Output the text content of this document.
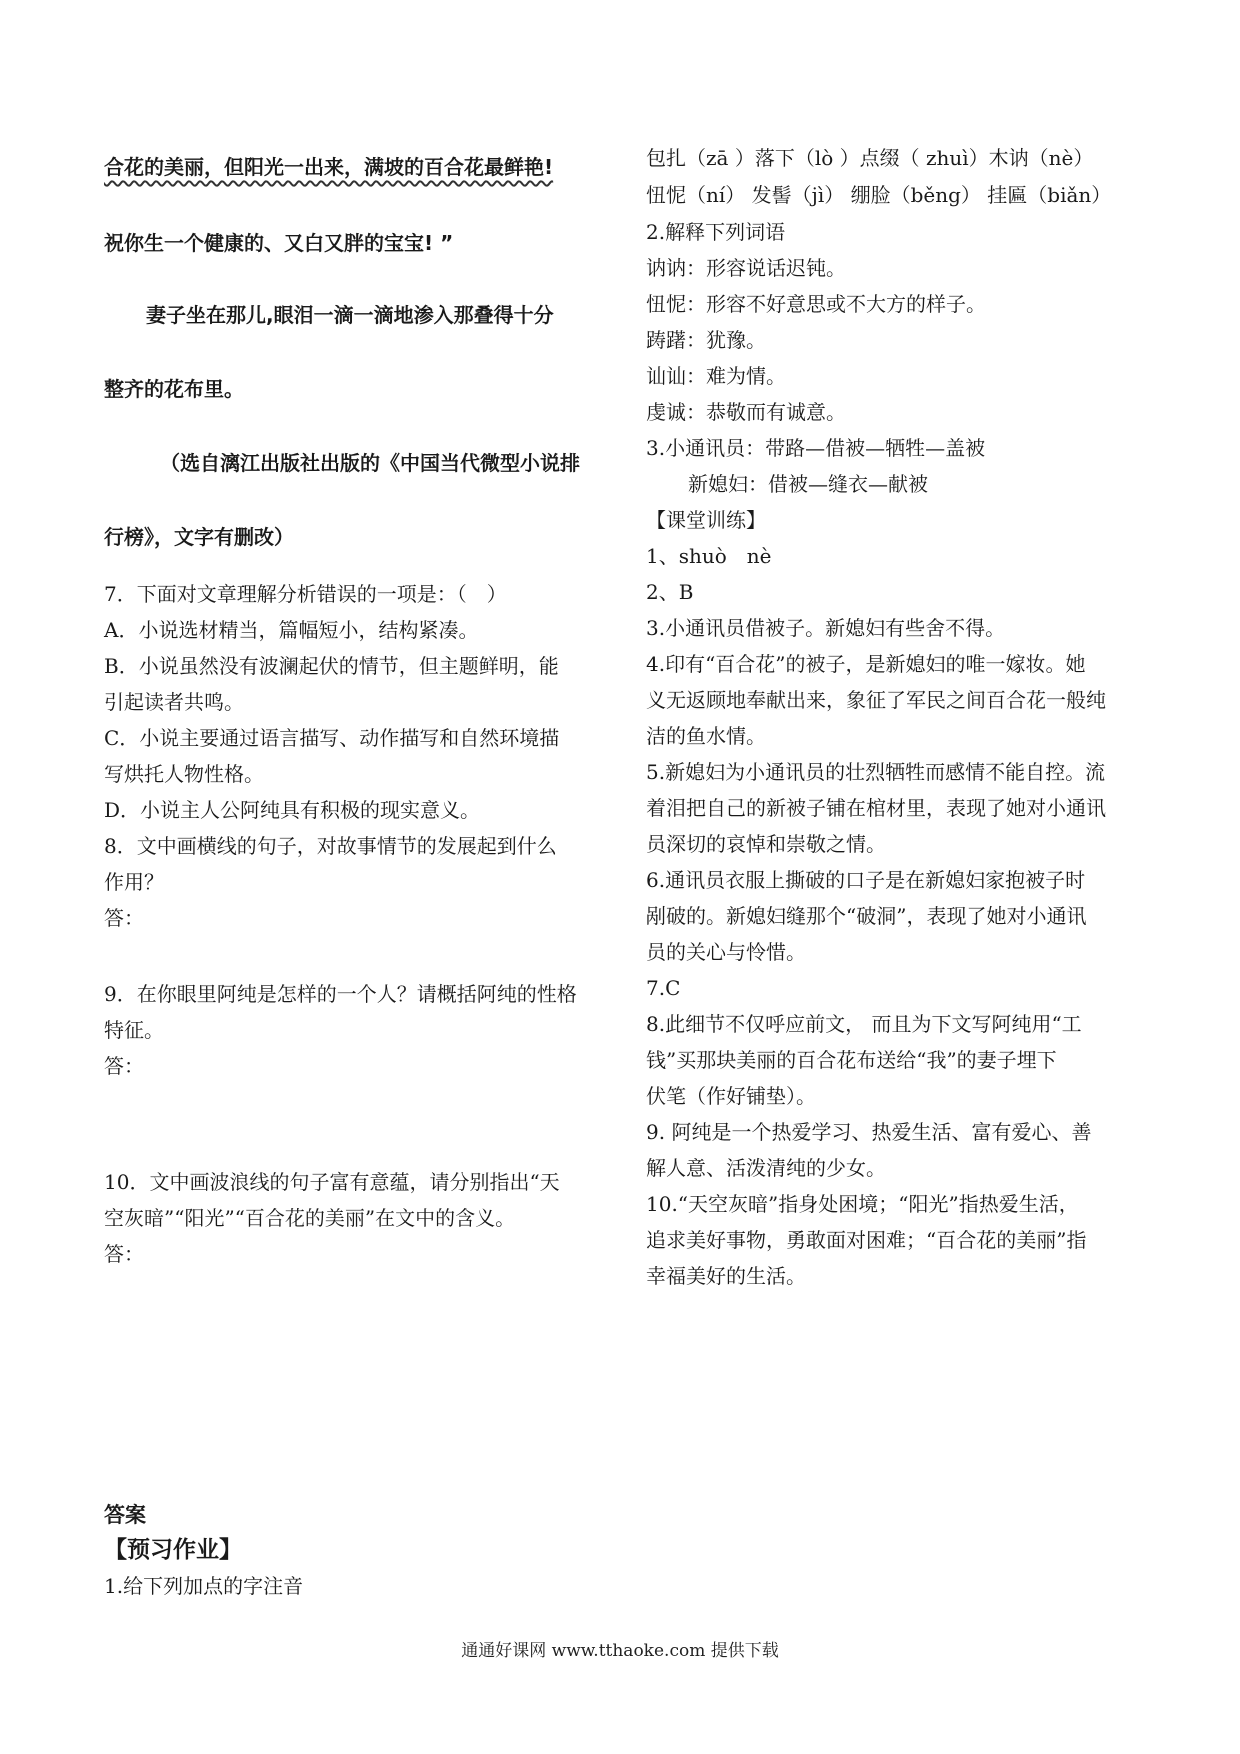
合花的美丽，但阳光一出来，满坡的百合花最鲜艳!

祝你生一个健康的、又白又胖的宝宝! ”

妻子坐在那儿,眼泪一滴一滴地渗入那叠得十分

整齐的花布里。

（选自漓江出版社出版的《中国当代微型小说排

行榜》，文字有删改）

7．下面对文章理解分析错误的一项是：（　）

A．小说选材精当，篇幅短小，结构紧凑。

B．小说虽然没有波澜起伏的情节，但主题鲜明，能

引起读者共鸣。

C．小说主要通过语言描写、动作描写和自然环境描

写烘托人物性格。

D．小说主人公阿纯具有积极的现实意义。

8．文中画横线的句子，对故事情节的发展起到什么

作用？

答：

9．在你眼里阿纯是怎样的一个人？请概括阿纯的性格

特征。

答：

10．文中画波浪线的句子富有意蕴，请分别指出“天

空灰暗”“阳光”“百合花的美丽”在文中的含义。

答：

包扎（zā ）落下（lò ）点缀（ zhuì）木讷（nè）

忸怩（ní） 发髻（jì） 绷脸（běng） 挂匾（biǎn）

2.解释下列词语

讷讷：形容说话迟钝。

忸怩：形容不好意思或不大方的样子。

踌躇：犹豫。

讪讪：难为情。

虔诚：恭敬而有诚意。

3.小通讯员：带路—借被—牺牲—盖被

新媳妇：借被—缝衣—献被

【课堂训练】

1、shuò　nè

2、B

3.小通讯员借被子。新媳妇有些舍不得。

4.印有“百合花”的被子，是新媳妇的唯一嫁妆。她

义无返顾地奉献出来，象征了军民之间百合花一般纯

洁的鱼水情。

5.新媳妇为小通讯员的壮烈牺牲而感情不能自控。流

着泪把自己的新被子铺在棺材里，表现了她对小通讯

员深切的哀悼和崇敬之情。

6.通讯员衣服上撕破的口子是在新媳妇家抱被子时

剐破的。新媳妇缝那个“破洞”，表现了她对小通讯

员的关心与怜惜。

7.C

8.此细节不仅呼应前文， 而且为下文写阿纯用“工

钱”买那块美丽的百合花布送给“我”的妻子埋下

伏笔（作好铺垫）。

9. 阿纯是一个热爱学习、热爱生活、富有爱心、善

解人意、活泼清纯的少女。

10.“天空灰暗”指身处困境；“阳光”指热爱生活，

追求美好事物，勇敢面对困难；“百合花的美丽”指

幸福美好的生活。

答案

【预习作业】

1.给下列加点的字注音

通通好课网 www.tthaoke.com 提供下载
